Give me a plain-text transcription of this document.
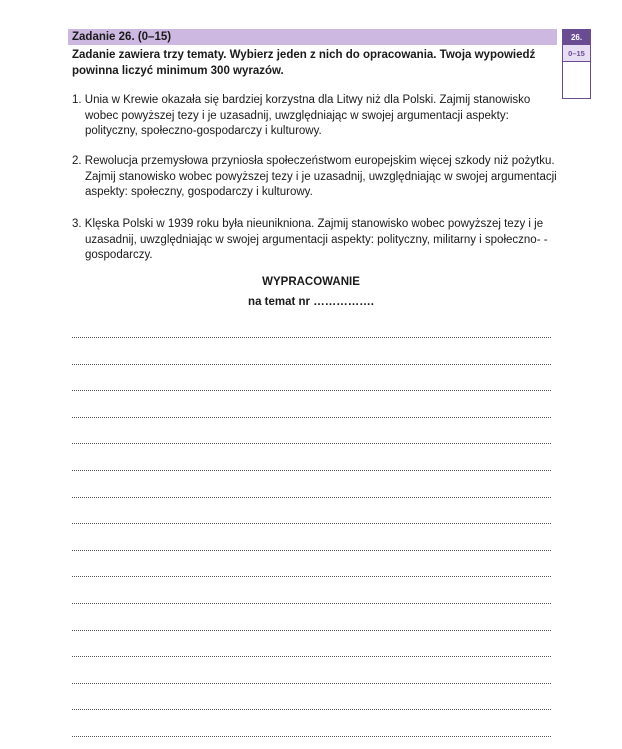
Zadanie 26. (0–15)
Zadanie zawiera trzy tematy. Wybierz jeden z nich do opracowania. Twoja wypowiedź powinna liczyć minimum 300 wyrazów.
26.
0–15
1. Unia w Krewie okazała się bardziej korzystna dla Litwy niż dla Polski. Zajmij stanowisko wobec powyższej tezy i je uzasadnij, uwzględniając w swojej argumentacji aspekty: polityczny, społeczno-gospodarczy i kulturowy.
2. Rewolucja przemysłowa przyniosła społeczeństwom europejskim więcej szkody niż pożytku. Zajmij stanowisko wobec powyższej tezy i je uzasadnij, uwzględniając w swojej argumentacji aspekty: społeczny, gospodarczy i kulturowy.
3. Klęska Polski w 1939 roku była nieunikniona. Zajmij stanowisko wobec powyższej tezy i je uzasadnij, uwzględniając w swojej argumentacji aspekty: polityczny, militarny i społeczno- -gospodarczy.
WYPRACOWANIE
na temat nr …………….
